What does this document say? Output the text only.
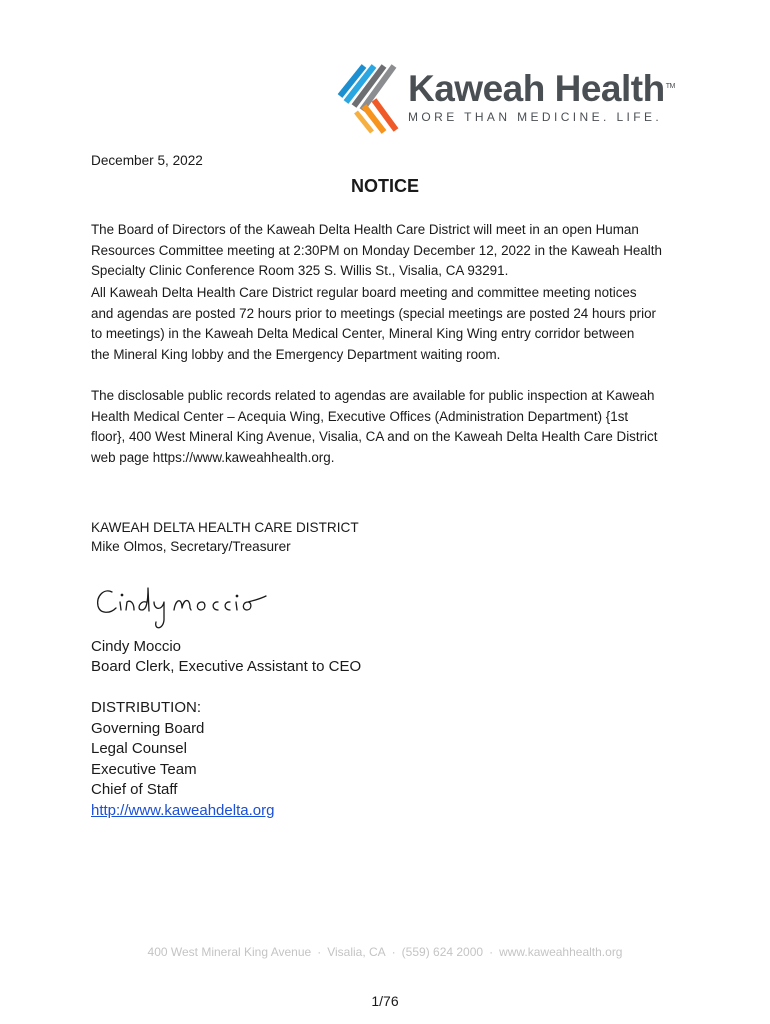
Kaweah Health™
MORE THAN MEDICINE. LIFE.
December 5, 2022
NOTICE
The Board of Directors of the Kaweah Delta Health Care District will meet in an open Human
Resources Committee meeting at 2:30PM on Monday December 12, 2022 in the Kaweah Health
Specialty Clinic Conference Room 325 S. Willis St., Visalia, CA 93291.
All Kaweah Delta Health Care District regular board meeting and committee meeting notices
and agendas are posted 72 hours prior to meetings (special meetings are posted 24 hours prior
to meetings) in the Kaweah Delta Medical Center, Mineral King Wing entry corridor between
the Mineral King lobby and the Emergency Department waiting room.
The disclosable public records related to agendas are available for public inspection at Kaweah
Health Medical Center – Acequia Wing, Executive Offices (Administration Department) {1st
floor}, 400 West Mineral King Avenue, Visalia, CA and on the Kaweah Delta Health Care District
web page https://www.kaweahhealth.org.
KAWEAH DELTA HEALTH CARE DISTRICT
Mike Olmos, Secretary/Treasurer
Cindy Moccio
Board Clerk, Executive Assistant to CEO
DISTRIBUTION:
Governing Board
Legal Counsel
Executive Team
Chief of Staff
http://www.kaweahdelta.org
400 West Mineral King Avenue · Visalia, CA · (559) 624 2000 · www.kaweahhealth.org
1/76
